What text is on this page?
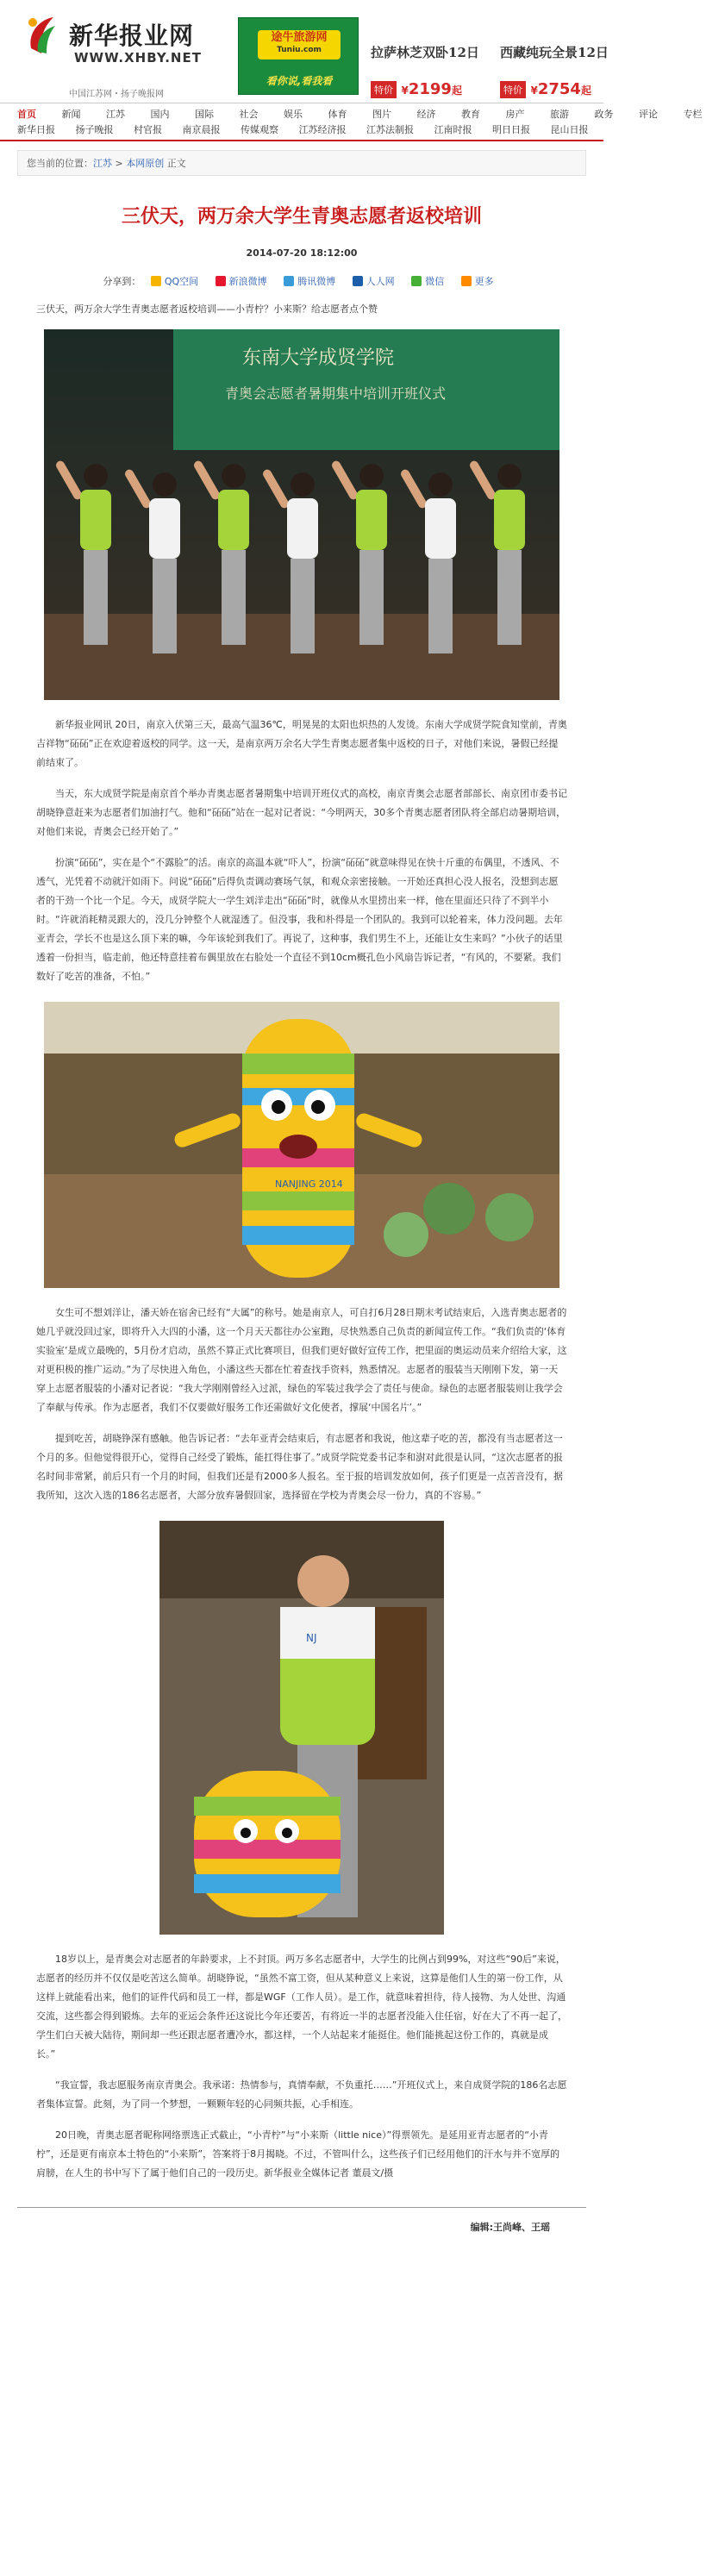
新华报业网
WWW.XHBY.NET
中国江苏网・扬子晚报网
途牛旅游网
Tuniu.com
看你说,看我看
拉萨林芝双卧12日
特价 ¥2199起
西藏纯玩全景12日
特价 ¥2754起
首页	新闻	江苏	国内	国际	社会	娱乐	体育	图片	经济	教育	房产	旅游	政务	评论	专栏
新华日报 扬子晚报 村官报 南京晨报 传媒观察 江苏经济报 江苏法制报 江南时报 明日日报 昆山日报
您当前的位置：江苏 > 本网原创 正文
三伏天，两万余大学生青奥志愿者返校培训
2014-07-20 18:12:00
分享到：	QQ空间	新浪微博	腾讯微博	人人网	微信	更多

三伏天，两万余大学生青奥志愿者返校培训——小青柠？小来斯？给志愿者点个赞

东南大学成贤学院
青奥会志愿者暑期集中培训开班仪式

新华报业网讯 20日，南京入伏第三天，最高气温36℃，明晃晃的太阳也炽热的人发烫。东南大学成贤学院食知堂前，青奥吉祥物“砳砳”正在欢迎着返校的同学。这一天，是南京两万余名大学生青奥志愿者集中返校的日子，对他们来说，暑假已经提前结束了。

当天，东大成贤学院是南京首个举办青奥志愿者暑期集中培训开班仪式的高校，南京青奥会志愿者部部长、南京团市委书记胡晓铮意赶来为志愿者们加油打气。他和“砳砳”站在一起对记者说：“今明两天，30多个青奥志愿者团队将全部启动暑期培训，对他们来说，青奥会已经开始了。”

扮演“砳砳”，实在是个“不露脸”的活。南京的高温本就“吓人”，扮演“砳砳”就意味得见在快十斤重的布偶里，不透风、不透气，光凭着不动就汗如雨下。问说“砳砳”后得负责调动赛场气氛，和观众亲密接触。一开始还真担心没人报名，没想到志愿者的干劲一个比一个足。今天，成贤学院大一学生刘洋走出“砳砳”时，就像从水里捞出来一样，他在里面还只待了不到半小时。“许就消耗精灵跟大的，没几分钟整个人就湿透了。但没事，我和朴得是一个团队的。我到可以轮着来，体力没问题。去年亚青会，学长不也是这么顶下来的嘛，今年该轮到我们了。再说了，这种事，我们男生不上，还能让女生来吗？”小伙子的话里透着一份担当，临走前，他还特意挂着布偶里放在右脸处一个直径不到10cm概孔色小风扇告诉记者，“有风的，不要紧。我们数好了吃苦的准备，不怕。”

NANJING 2014

女生可不想刘洋让，潘天娇在宿舍已经有“大属”的称号。她是南京人，可自打6月28日期末考试结束后，入选青奥志愿者的她几乎就没回过家，即将升入大四的小潘，这一个月天天都往办公室跑，尽快熟悉自己负责的新闻宣传工作。“我们负责的‘体育实验室’是成立最晚的，5月份才启动，虽然不算正式比赛项目，但我们更好做好宣传工作，把里面的奥运动员来介绍给大家，这对更积极的推广运动。”为了尽快进入角色，小潘这些天都在忙着查找手资料，熟悉情况。志愿者的服装当天刚刚下发，第一天穿上志愿者服装的小潘对记者说：“我大学刚刚曾经入过派，绿色的军装过我学会了责任与使命。绿色的志愿者服装则让我学会了奉献与传承。作为志愿者，我们不仅要做好服务工作还需做好文化使者，撑展‘中国名片’。”

提到吃苦，胡晓铮深有感触。他告诉记者：“去年亚青会结束后，有志愿者和我说，他这辈子吃的苦，都没有当志愿者这一个月的多。但他觉得很开心，觉得自己经受了锻炼，能扛得住事了。”成贤学院党委书记李和澍对此很是认同，“这次志愿者的报名时间非常紧，前后只有一个月的时间，但我们还是有2000多人报名。至于报的培训发放如何，孩子们更是一点苦音没有，据我所知，这次入选的186名志愿者，大部分放弃暑假回家，选择留在学校为青奥会尽一份力，真的不容易。”

NJ

18岁以上，是青奥会对志愿者的年龄要求，上不封顶。两万多名志愿者中，大学生的比例占到99%，对这些“90后”来说，志愿者的经历并不仅仅是吃苦这么简单。胡晓铮说，“虽然不富工资，但从某种意义上来说，这算是他们人生的第一份工作，从这样上就能看出来，他们的证件代码和员工一样，都是WGF（工作人员）。是工作，就意味着担待，待人接物、为人处世、沟通交流，这些都会得到锻炼。去年的亚运会条件还这说比今年还要苦，有将近一半的志愿者没能入住任宿，好在大了不再一起了，学生们白天被大陆待，期间却一些还跟志愿者遭冷水，都这样，一个人站起来才能挺住。他们能挑起这份工作的，真就是成长。”

“我宣誓，我志愿服务南京青奥会。我承诺：热情参与，真情奉献，不负重托……”开班仪式上，来自成贤学院的186名志愿者集体宣誓。此刻，为了同一个梦想，一颗颗年轻的心同频共振，心手相连。

20日晚，青奥志愿者昵称网络票选正式截止，“小青柠”与“小来斯（little nice）”得票领先。是延用亚青志愿者的“小青柠”，还是更有南京本土特色的“小来斯”，答案将于8月揭晓。不过，不管叫什么，这些孩子们已经用他们的汗水与并不宽厚的肩膀，在人生的书中写下了属于他们自己的一段历史。新华报业全媒体记者 董晨文/摄

编辑:王尚峰、王瑶
